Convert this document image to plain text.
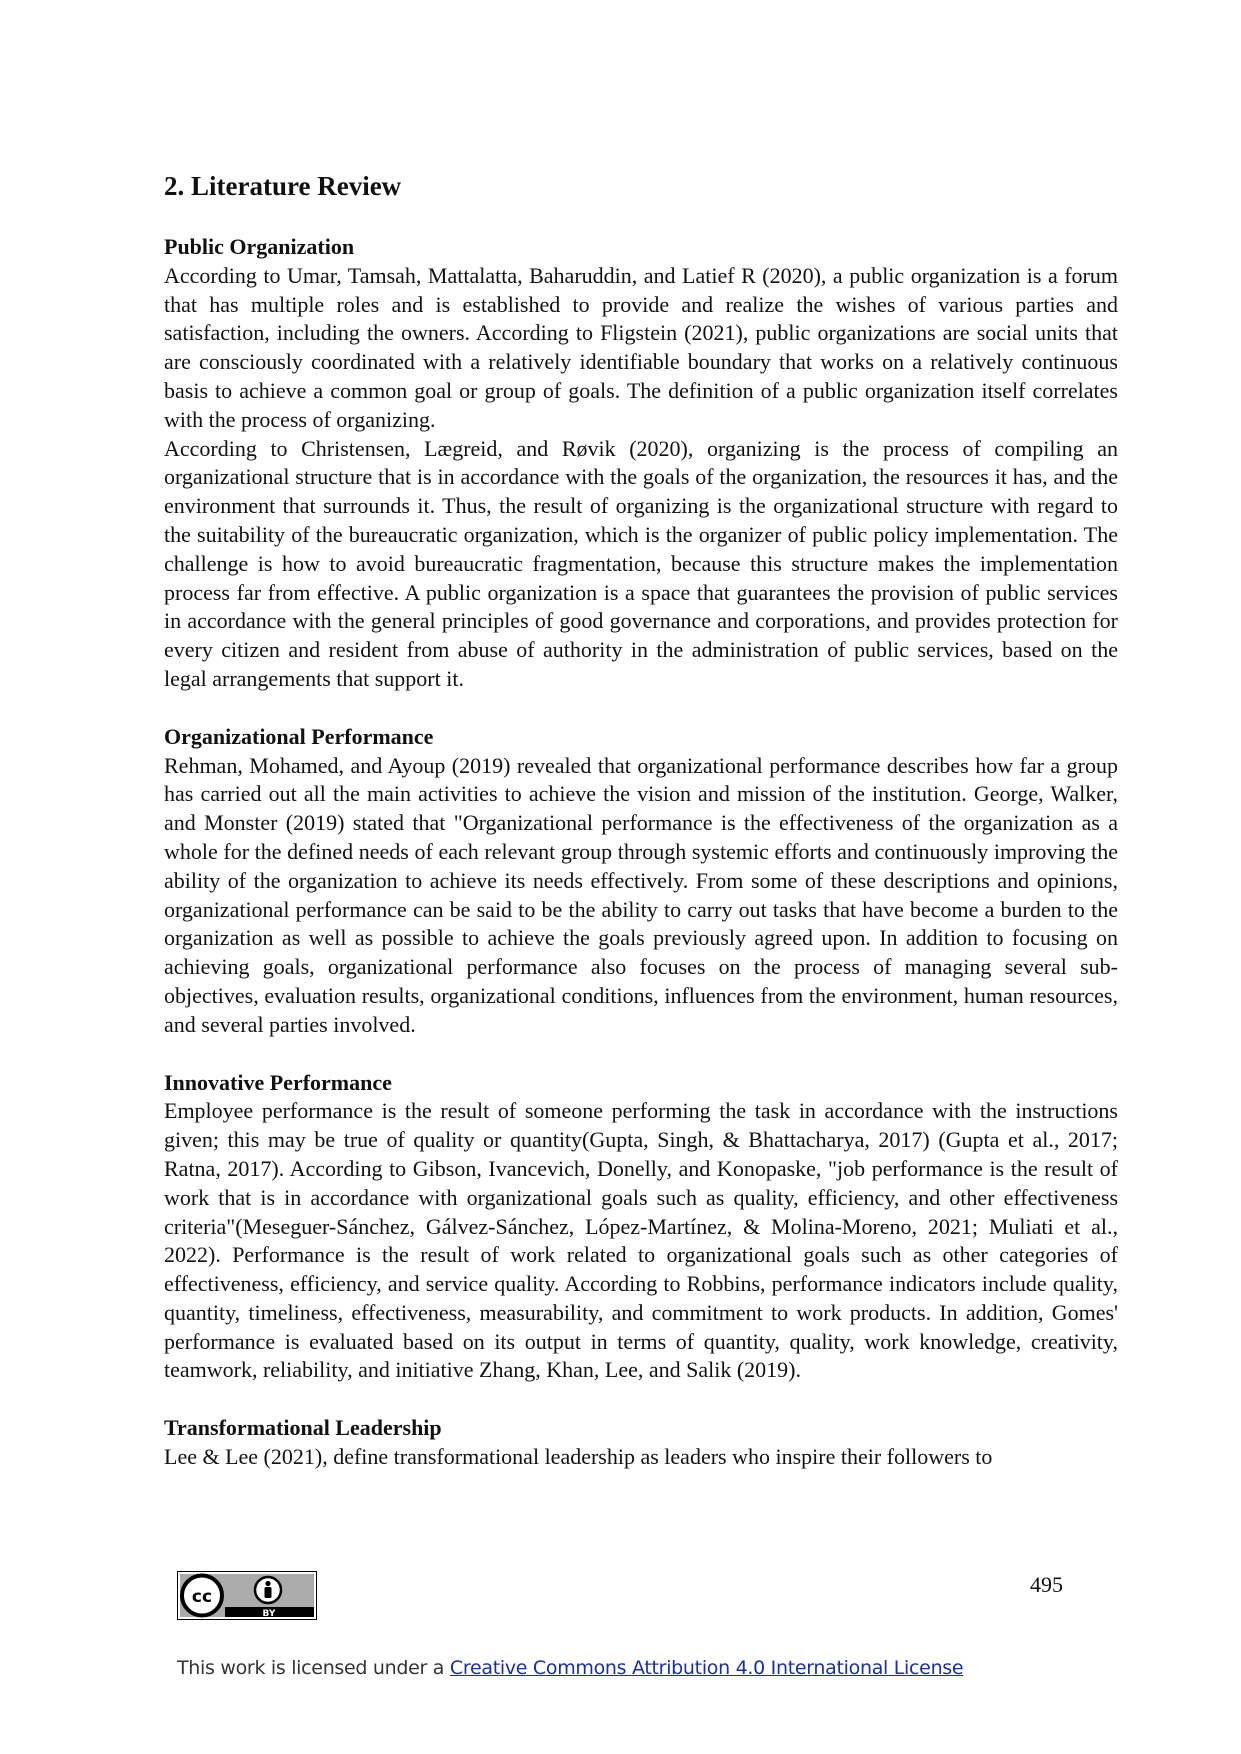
2. Literature Review
Public Organization

According to Umar, Tamsah, Mattalatta, Baharuddin, and Latief R (2020), a public organization is a forum that has multiple roles and is established to provide and realize the wishes of various parties and satisfaction, including the owners. According to Fligstein (2021), public organizations are social units that are consciously coordinated with a relatively identifiable boundary that works on a relatively continuous basis to achieve a common goal or group of goals. The definition of a public organization itself correlates with the process of organizing.

According to Christensen, Lægreid, and Røvik (2020), organizing is the process of compiling an organizational structure that is in accordance with the goals of the organization, the resources it has, and the environment that surrounds it. Thus, the result of organizing is the organizational structure with regard to the suitability of the bureaucratic organization, which is the organizer of public policy implementation. The challenge is how to avoid bureaucratic fragmentation, because this structure makes the implementation process far from effective. A public organization is a space that guarantees the provision of public services in accordance with the general principles of good governance and corporations, and provides protection for every citizen and resident from abuse of authority in the administration of public services, based on the legal arrangements that support it.

Organizational Performance

Rehman, Mohamed, and Ayoup (2019) revealed that organizational performance describes how far a group has carried out all the main activities to achieve the vision and mission of the institution. George, Walker, and Monster (2019) stated that "Organizational performance is the effectiveness of the organization as a whole for the defined needs of each relevant group through systemic efforts and continuously improving the ability of the organization to achieve its needs effectively. From some of these descriptions and opinions, organizational performance can be said to be the ability to carry out tasks that have become a burden to the organization as well as possible to achieve the goals previously agreed upon. In addition to focusing on achieving goals, organizational performance also focuses on the process of managing several sub-objectives, evaluation results, organizational conditions, influences from the environment, human resources, and several parties involved.

Innovative Performance

Employee performance is the result of someone performing the task in accordance with the instructions given; this may be true of quality or quantity(Gupta, Singh, & Bhattacharya, 2017) (Gupta et al., 2017; Ratna, 2017). According to Gibson, Ivancevich, Donelly, and Konopaske, "job performance is the result of work that is in accordance with organizational goals such as quality, efficiency, and other effectiveness criteria"(Meseguer-Sánchez, Gálvez-Sánchez, López-Martínez, & Molina-Moreno, 2021; Muliati et al., 2022). Performance is the result of work related to organizational goals such as other categories of effectiveness, efficiency, and service quality. According to Robbins, performance indicators include quality, quantity, timeliness, effectiveness, measurability, and commitment to work products. In addition, Gomes' performance is evaluated based on its output in terms of quantity, quality, work knowledge, creativity, teamwork, reliability, and initiative Zhang, Khan, Lee, and Salik (2019).

Transformational Leadership

Lee & Lee (2021), define transformational leadership as leaders who inspire their followers to

cc
BY
495
This work is licensed under a Creative Commons Attribution 4.0 International License
